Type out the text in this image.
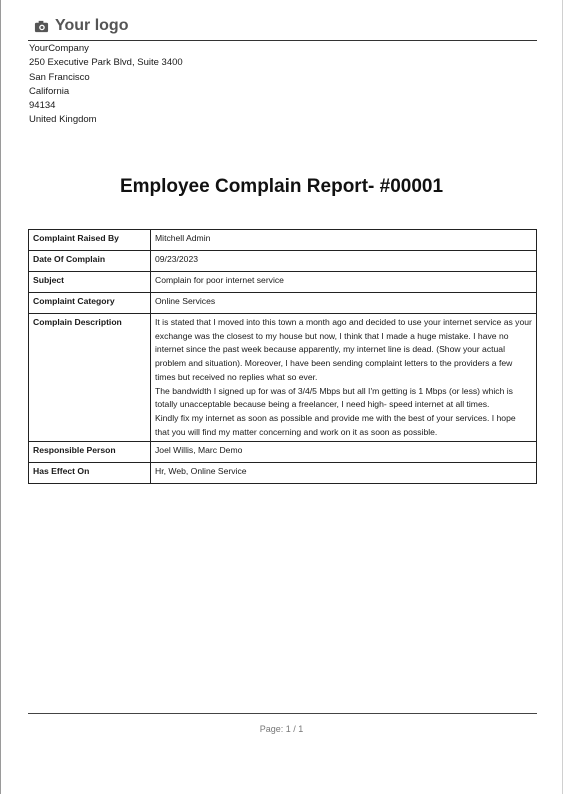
Your logo
YourCompany
250 Executive Park Blvd, Suite 3400
San Francisco
California
94134
United Kingdom
Employee Complain Report- #00001
Complaint Raised By	Mitchell Admin
Date Of Complain	09/23/2023
Subject	Complain for poor internet service
Complaint Category	Online Services
Complain Description	It is stated that I moved into this town a month ago and decided to use your internet service as your exchange was the closest to my house but now, I think that I made a huge mistake. I have no internet since the past week because apparently, my internet line is dead. (Show your actual problem and situation). Moreover, I have been sending complaint letters to the providers a few times but received no replies what so ever.

The bandwidth I signed up for was of 3/4/5 Mbps but all I'm getting is 1 Mbps (or less) which is totally unacceptable because being a freelancer, I need high- speed internet at all times.

Kindly fix my internet as soon as possible and provide me with the best of your services. I hope that you will find my matter concerning and work on it as soon as possible.

Responsible Person	Joel Willis, Marc Demo
Has Effect On	Hr, Web, Online Service
Page: 1 / 1
